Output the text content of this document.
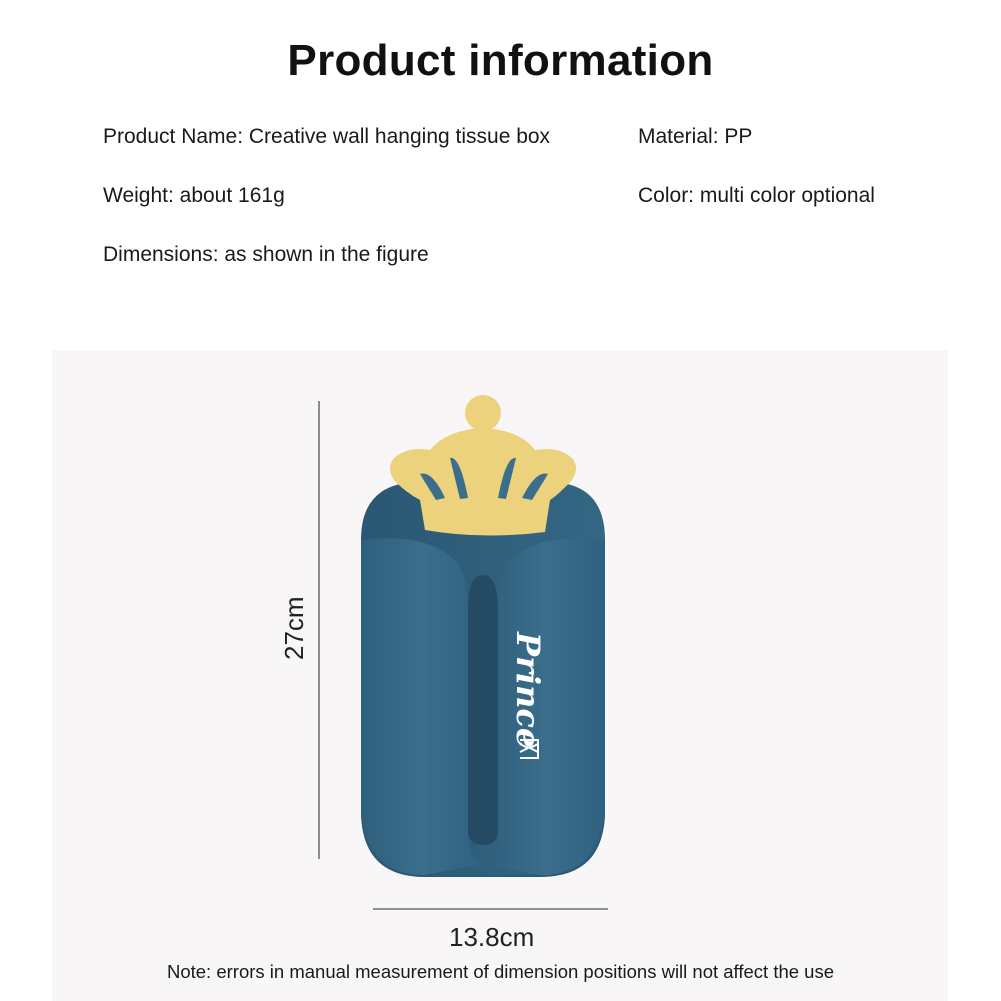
Product information
Product Name: Creative wall hanging tissue box	Material: PP
Weight: about 161g	Color: multi color optional
Dimensions: as shown in the figure
Prince
27cm
13.8cm
Note: errors in manual measurement of dimension positions will not affect the use
